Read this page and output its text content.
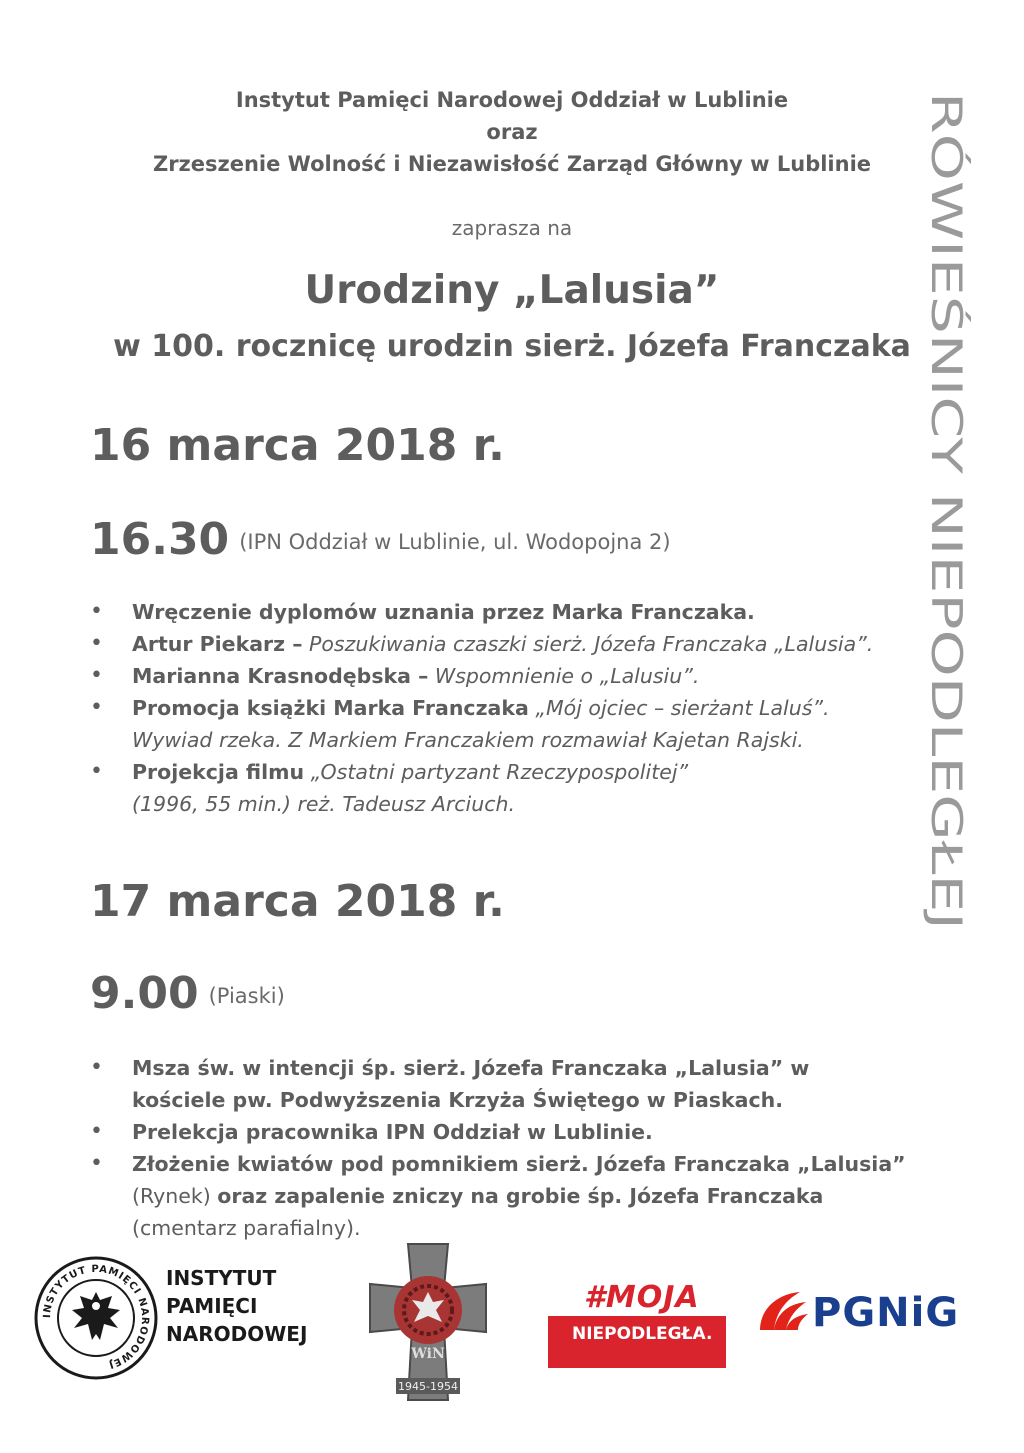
Instytut Pamięci Narodowej Oddział w Lublinie
oraz
Zrzeszenie Wolność i Niezawisłość Zarząd Główny w Lublinie
zaprasza na
Urodziny „Lalusia”
w 100. rocznicę urodzin sierż. Józefa Franczaka RÓWIEŚNICY NIEPODLEGŁEJ
16 marca 2018 r.
16.30 (IPN Oddział w Lublinie, ul. Wodopojna 2)
• Wręczenie dyplomów uznania przez Marka Franczaka.
• Artur Piekarz – Poszukiwania czaszki sierż. Józefa Franczaka „Lalusia”.
• Marianna Krasnodębska – Wspomnienie o „Lalusiu”.
• Promocja książki Marka Franczaka „Mój ojciec – sierżant Laluś”.
Wywiad rzeka. Z Markiem Franczakiem rozmawiał Kajetan Rajski.
• Projekcja filmu „Ostatni partyzant Rzeczypospolitej”
(1996, 55 min.) reż. Tadeusz Arciuch.
17 marca 2018 r.
9.00 (Piaski)
• Msza św. w intencji śp. sierż. Józefa Franczaka „Lalusia” w kościele pw. Podwyższenia Krzyża Świętego w Piaskach.
• Prelekcja pracownika IPN Oddział w Lublinie.
• Złożenie kwiatów pod pomnikiem sierż. Józefa Franczaka „Lalusia”
(Rynek) oraz zapalenie zniczy na grobie śp. Józefa Franczaka
(cmentarz parafialny).
INSTYTUT PAMIĘCI NARODOWEJ
INSTYTUT
PAMIĘCI
NARODOWEJ
WiN
1945-1954
#MOJA
NIEPODLEGŁA. PGNiG
